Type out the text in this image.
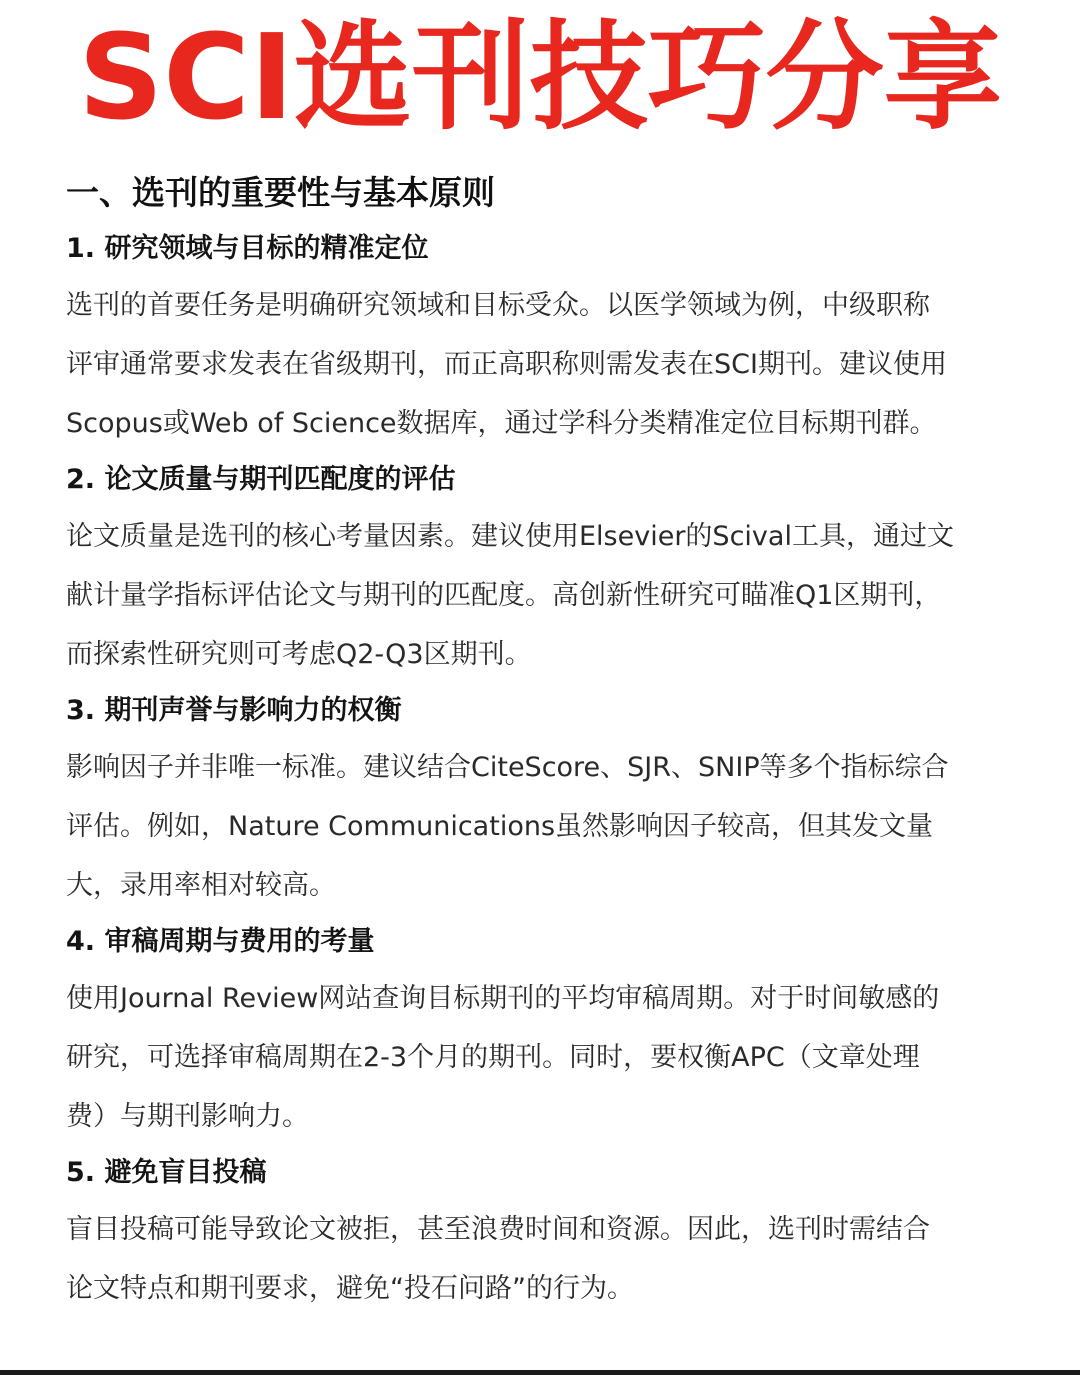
SCI选刊技巧分享
一、选刊的重要性与基本原则
1. 研究领域与目标的精准定位

选刊的首要任务是明确研究领域和目标受众。以医学领域为例，中级职称
评审通常要求发表在省级期刊，而正高职称则需发表在SCI期刊。建议使用
Scopus或Web of Science数据库，通过学科分类精准定位目标期刊群。

2. 论文质量与期刊匹配度的评估

论文质量是选刊的核心考量因素。建议使用Elsevier的Scival工具，通过文
献计量学指标评估论文与期刊的匹配度。高创新性研究可瞄准Q1区期刊，
而探索性研究则可考虑Q2-Q3区期刊。

3. 期刊声誉与影响力的权衡

影响因子并非唯一标准。建议结合CiteScore、SJR、SNIP等多个指标综合
评估。例如，Nature Communications虽然影响因子较高，但其发文量
大，录用率相对较高。

4. 审稿周期与费用的考量

使用Journal Review网站查询目标期刊的平均审稿周期。对于时间敏感的
研究，可选择审稿周期在2-3个月的期刊。同时，要权衡APC（文章处理
费）与期刊影响力。

5. 避免盲目投稿

盲目投稿可能导致论文被拒，甚至浪费时间和资源。因此，选刊时需结合
论文特点和期刊要求，避免“投石问路”的行为。
